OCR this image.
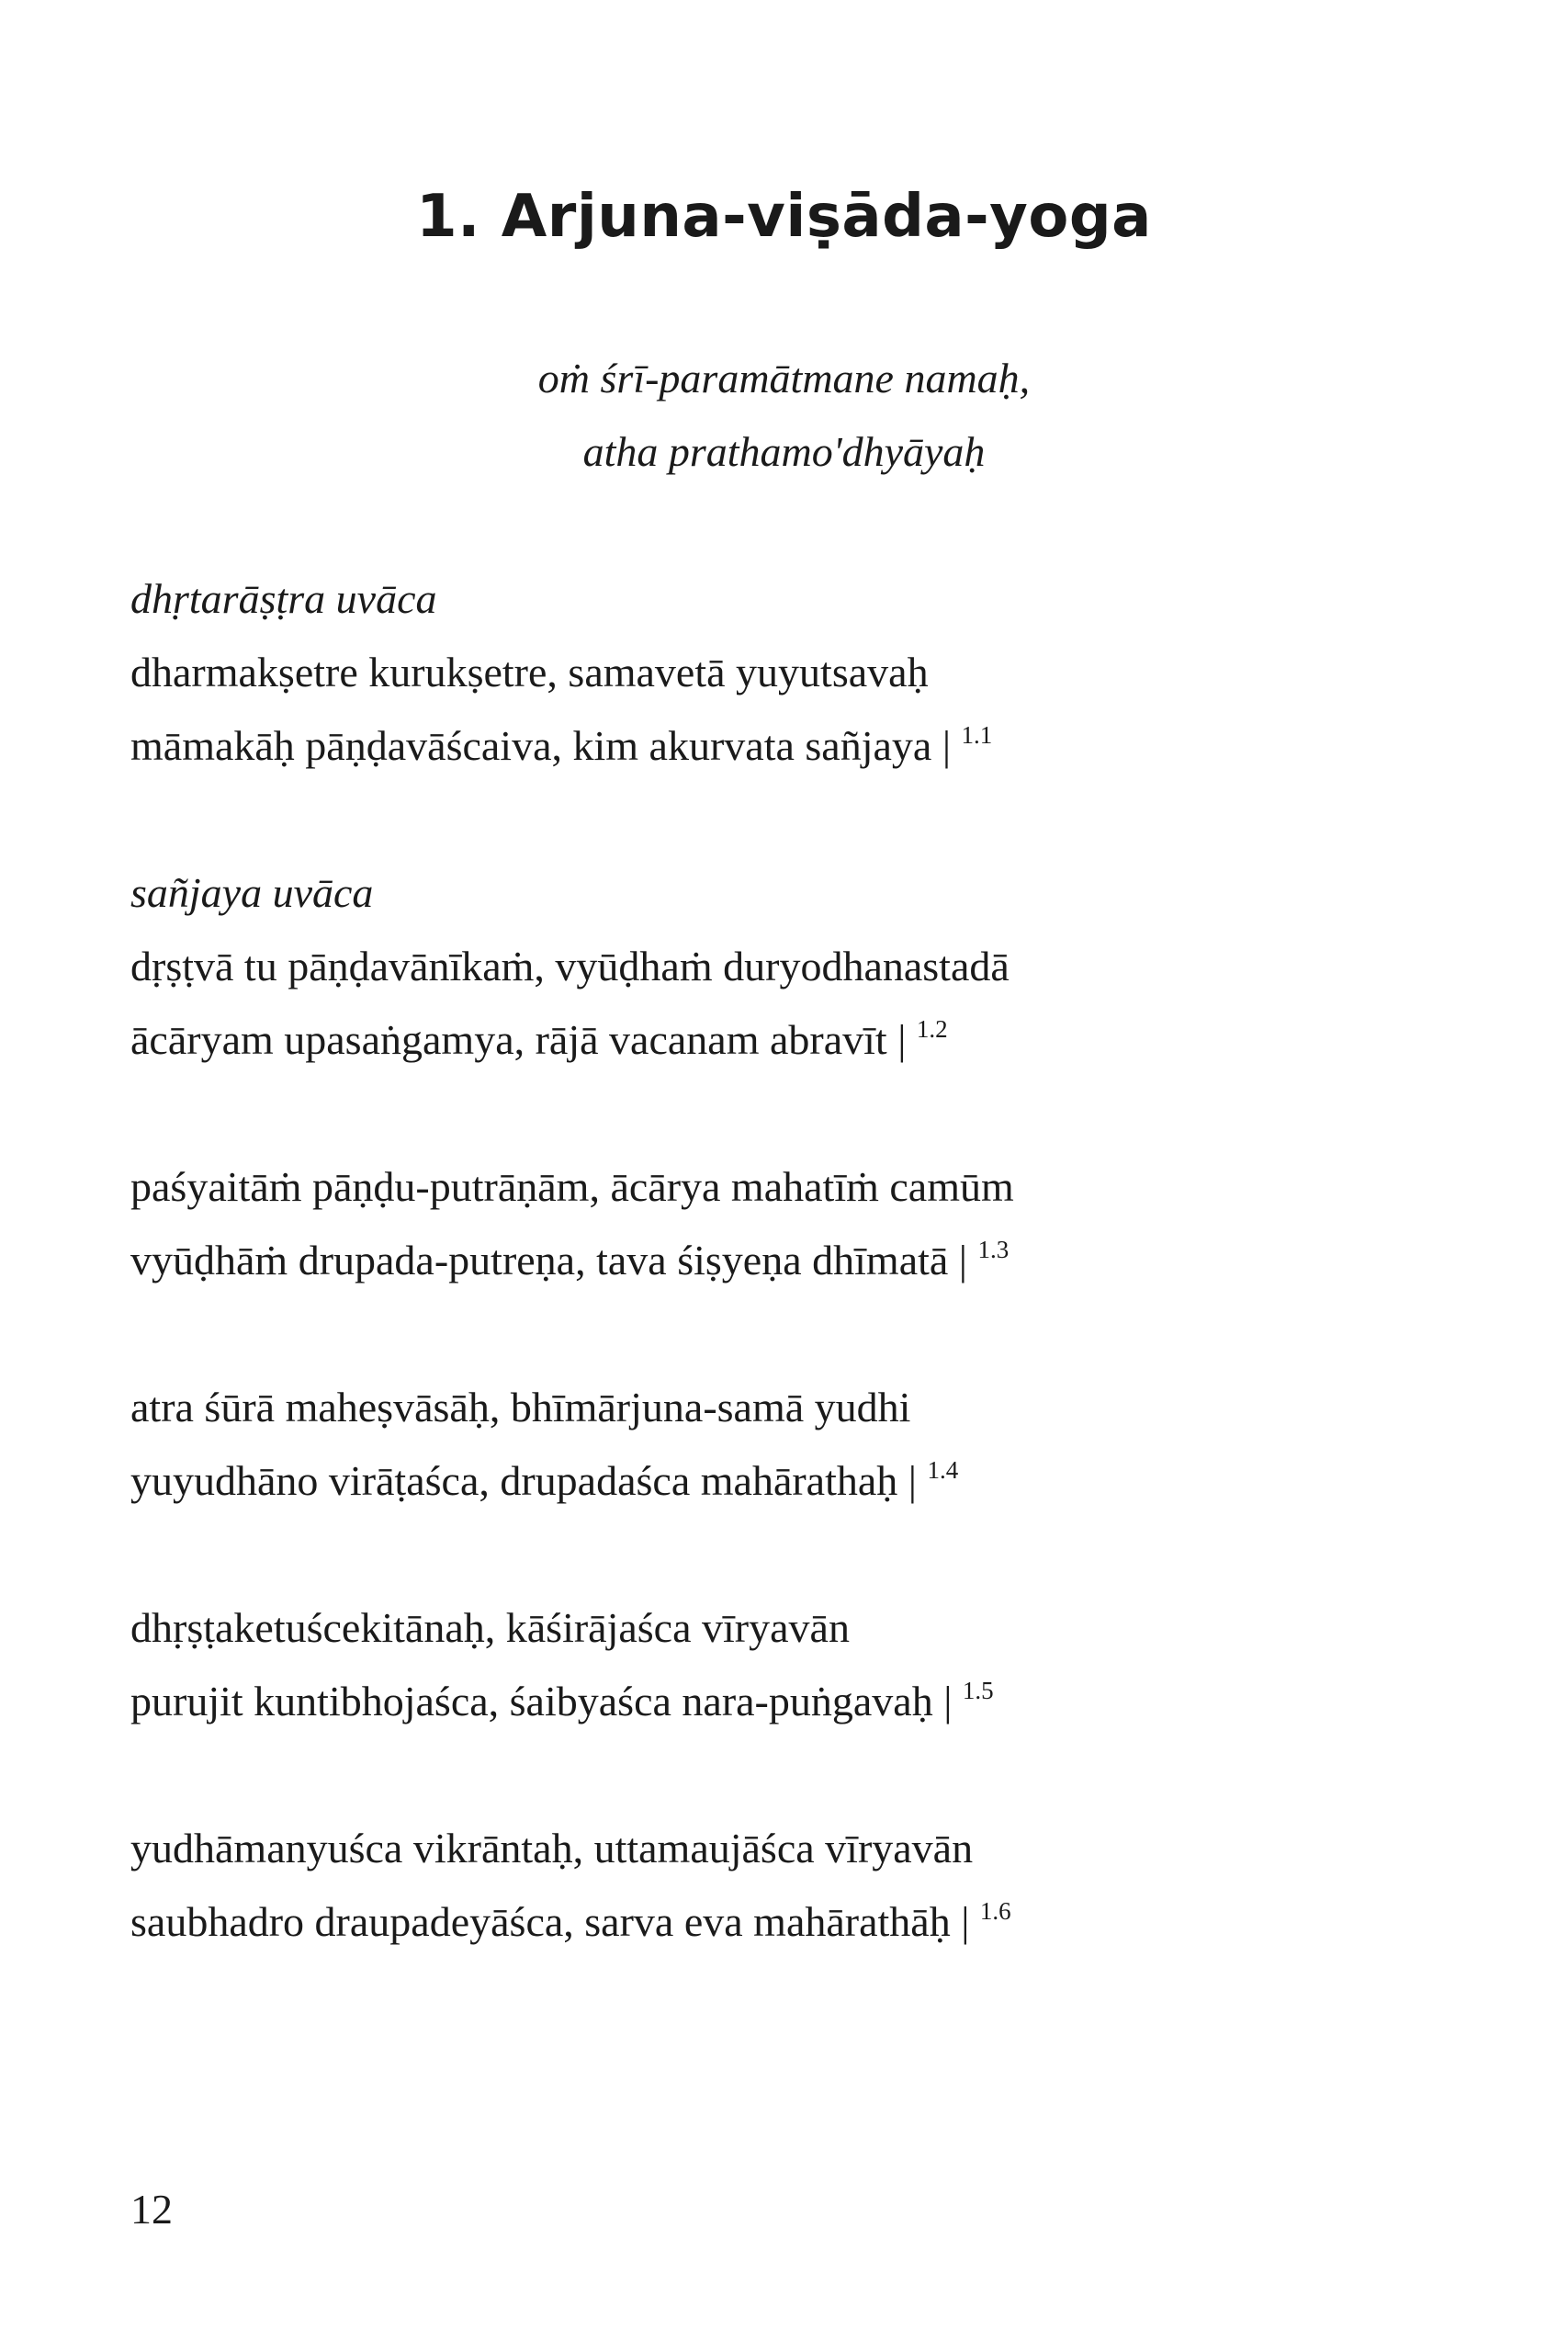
1. Arjuna-viṣāda-yoga
oṁ śrī-paramātmane namaḥ,
atha prathamo'dhyāyaḥ
dhṛtarāṣṭra uvāca
dharmakṣetre kurukṣetre, samavetā yuyutsavaḥ
māmakāḥ pāṇḍavāścaiva, kim akurvata sañjaya | $^{1.1}$
sañjaya uvāca
dṛṣṭvā tu pāṇḍavānīkaṁ, vyūḍhaṁ duryodhanastadā
ācāryam upasaṅgamya, rājā vacanam abravīt | $^{1.2}$
paśyaitāṁ pāṇḍu-putrāṇām, ācārya mahatīṁ camūm
vyūḍhāṁ drupada-putreṇa, tava śiṣyeṇa dhīmatā | $^{1.3}$
atra śūrā maheṣvāsāḥ, bhīmārjuna-samā yudhi
yuyudhāno virāṭaśca, drupadaśca mahārathaḥ | $^{1.4}$
dhṛṣṭaketuścekitānaḥ, kāśirājaśca vīryavān
purujit kuntibhojaśca, śaibyaśca nara-puṅgavaḥ | $^{1.5}$
yudhāmanyuśca vikrāntaḥ, uttamaujāśca vīryavān
saubhadro draupadeyāśca, sarva eva mahārathāḥ | $^{1.6}$
12
